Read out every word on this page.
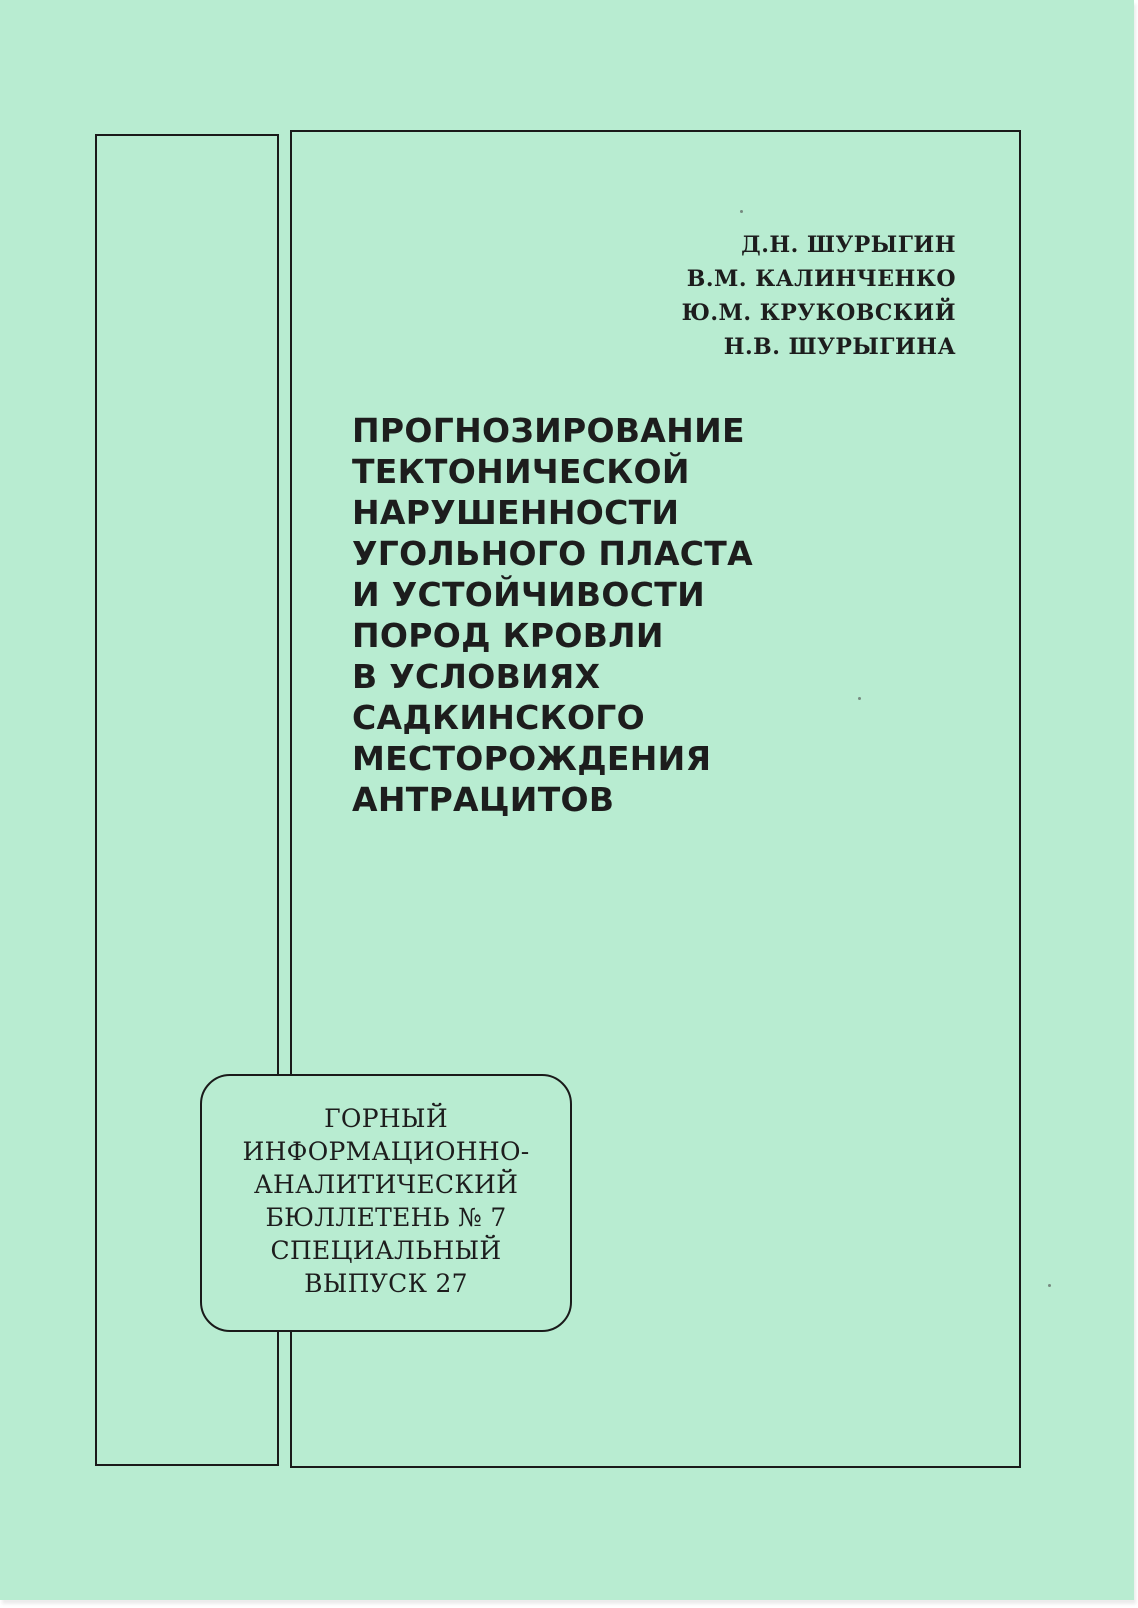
Д.Н. ШУРЫГИН
В.М. КАЛИНЧЕНКО
Ю.М. КРУКОВСКИЙ
Н.В. ШУРЫГИНА
ПРОГНОЗИРОВАНИЕ
ТЕКТОНИЧЕСКОЙ
НАРУШЕННОСТИ
УГОЛЬНОГО ПЛАСТА
И УСТОЙЧИВОСТИ
ПОРОД КРОВЛИ
В УСЛОВИЯХ
САДКИНСКОГО
МЕСТОРОЖДЕНИЯ
АНТРАЦИТОВ
ГОРНЫЙ
ИНФОРМАЦИОННО-
АНАЛИТИЧЕСКИЙ
БЮЛЛЕТЕНЬ № 7
СПЕЦИАЛЬНЫЙ
ВЫПУСК 27
